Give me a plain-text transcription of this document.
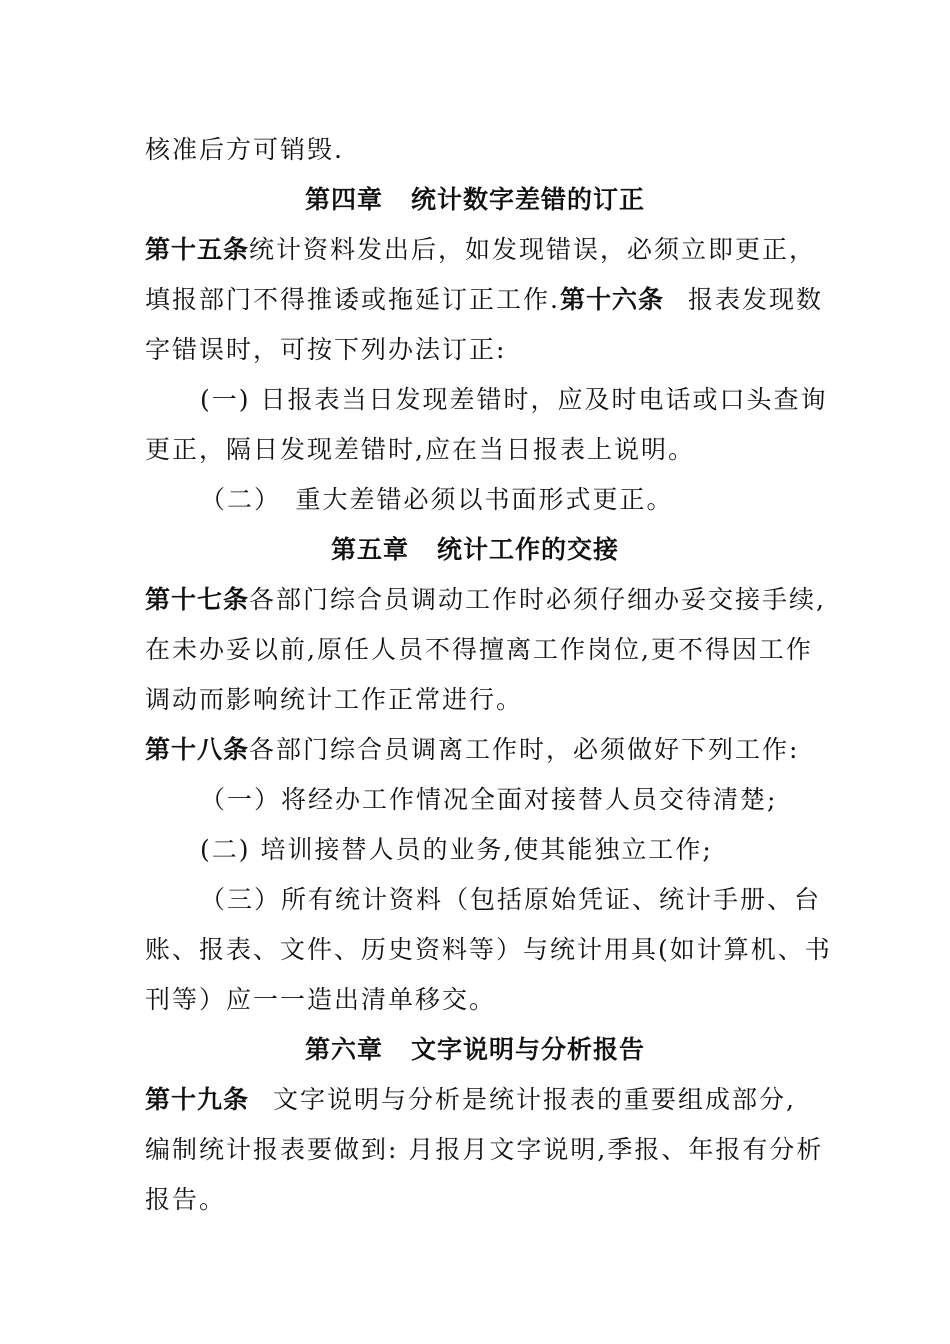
核准后方可销毁.
第四章 统计数字差错的订正
第十五条统计资料发出后，如发现错误，必须立即更正，
填报部门不得推诿或拖延订正工作.第十六条 报表发现数
字错误时，可按下列办法订正:
(一) 日报表当日发现差错时，应及时电话或口头查询
更正，隔日发现差错时,应在当日报表上说明。
（二）　重大差错必须以书面形式更正。
第五章 统计工作的交接
第十七条各部门综合员调动工作时必须仔细办妥交接手续,
在未办妥以前,原任人员不得擅离工作岗位,更不得因工作
调动而影响统计工作正常进行。
第十八条各部门综合员调离工作时，必须做好下列工作:
（一）将经办工作情况全面对接替人员交待清楚;
(二) 培训接替人员的业务,使其能独立工作;
（三）所有统计资料（包括原始凭证、统计手册、台
账、报表、文件、历史资料等）与统计用具(如计算机、书
刊等）应一一造出清单移交。
第六章 文字说明与分析报告
第十九条 文字说明与分析是统计报表的重要组成部分,
编制统计报表要做到: 月报月文字说明,季报、年报有分析
报告。
